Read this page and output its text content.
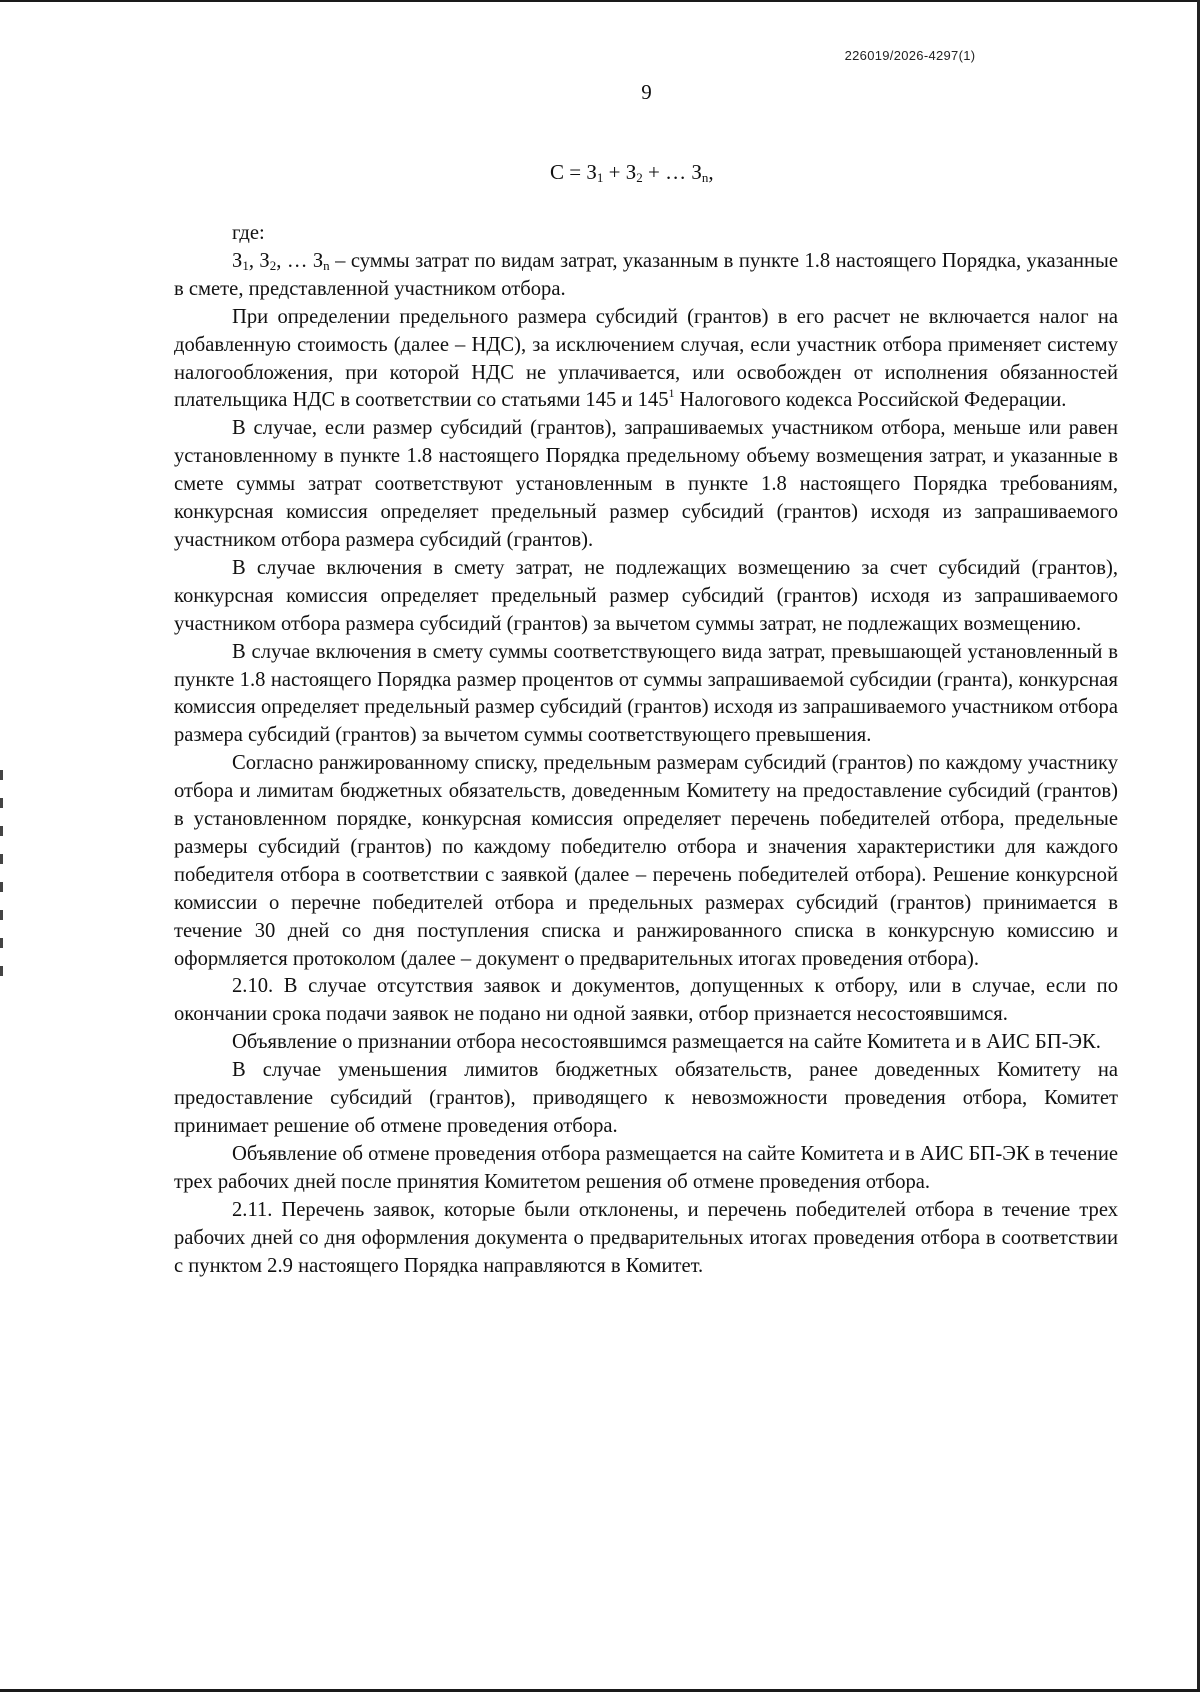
226019/2026-4297(1)
9
$С = З_1 + З_2$ + … $З_n$,

где:

$З_1$, $З_2$, … $З_n$ – суммы затрат по видам затрат, указанным в пункте 1.8 настоящего Порядка, указанные в смете, представленной участником отбора.

При определении предельного размера субсидий (грантов) в его расчет не включается налог на добавленную стоимость (далее – НДС), за исключением случая, если участник отбора применяет систему налогообложения, при которой НДС не уплачивается, или освобожден от исполнения обязанностей плательщика НДС в соответствии со статьями 145 и $145^1$ Налогового кодекса Российской Федерации.

В случае, если размер субсидий (грантов), запрашиваемых участником отбора, меньше или равен установленному в пункте 1.8 настоящего Порядка предельному объему возмещения затрат, и указанные в смете суммы затрат соответствуют установленным в пункте 1.8 настоящего Порядка требованиям, конкурсная комиссия определяет предельный размер субсидий (грантов) исходя из запрашиваемого участником отбора размера субсидий (грантов).

В случае включения в смету затрат, не подлежащих возмещению за счет субсидий (грантов), конкурсная комиссия определяет предельный размер субсидий (грантов) исходя из запрашиваемого участником отбора размера субсидий (грантов) за вычетом суммы затрат, не подлежащих возмещению.

В случае включения в смету суммы соответствующего вида затрат, превышающей установленный в пункте 1.8 настоящего Порядка размер процентов от суммы запрашиваемой субсидии (гранта), конкурсная комиссия определяет предельный размер субсидий (грантов) исходя из запрашиваемого участником отбора размера субсидий (грантов) за вычетом суммы соответствующего превышения.

Согласно ранжированному списку, предельным размерам субсидий (грантов) по каждому участнику отбора и лимитам бюджетных обязательств, доведенным Комитету на предоставление субсидий (грантов) в установленном порядке, конкурсная комиссия определяет перечень победителей отбора, предельные размеры субсидий (грантов) по каждому победителю отбора и значения характеристики для каждого победителя отбора в соответствии с заявкой (далее – перечень победителей отбора). Решение конкурсной комиссии о перечне победителей отбора и предельных размерах субсидий (грантов) принимается в течение 30 дней со дня поступления списка и ранжированного списка в конкурсную комиссию и оформляется протоколом (далее – документ о предварительных итогах проведения отбора).

2.10. В случае отсутствия заявок и документов, допущенных к отбору, или в случае, если по окончании срока подачи заявок не подано ни одной заявки, отбор признается несостоявшимся.

Объявление о признании отбора несостоявшимся размещается на сайте Комитета и в АИС БП-ЭК.

В случае уменьшения лимитов бюджетных обязательств, ранее доведенных Комитету на предоставление субсидий (грантов), приводящего к невозможности проведения отбора, Комитет принимает решение об отмене проведения отбора.

Объявление об отмене проведения отбора размещается на сайте Комитета и в АИС БП-ЭК в течение трех рабочих дней после принятия Комитетом решения об отмене проведения отбора.

2.11. Перечень заявок, которые были отклонены, и перечень победителей отбора в течение трех рабочих дней со дня оформления документа о предварительных итогах проведения отбора в соответствии с пунктом 2.9 настоящего Порядка направляются в Комитет.
